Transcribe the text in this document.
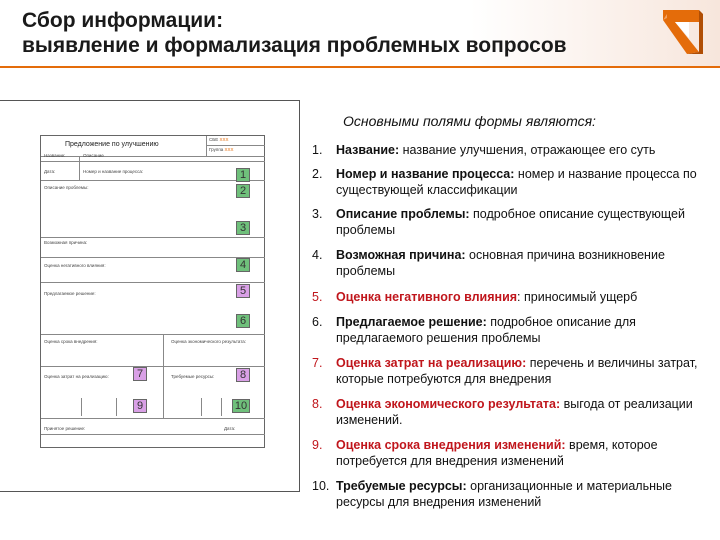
Сбор информации:
выявление и формализация проблемных вопросов
Предложение по улучшению
СБЕ XXX
Группа XXX
Название:	Описание
Дата:	Номер и название процесса:
Описание проблемы:
Возможная причина:
Оценка негативного влияния:
Предлагаемое решение:
Оценка срока внедрения:	Оценка экономического результата:
Оценка затрат на реализацию:	Требуемые ресурсы:
Принятое решение:	Дата:
1
2
3
4
5
6
7	8
9	10
Основными полями формы являются:
1. Название: название улучшения, отражающее его суть
2. Номер и название процесса: номер и название процесса по существующей классификации
3. Описание проблемы: подробное описание существующей проблемы
4. Возможная причина: основная причина возникновение проблемы
5. Оценка негативного влияния: приносимый ущерб
6. Предлагаемое решение: подробное описание для предлагаемого решения проблемы
7. Оценка затрат на реализацию: перечень и величины затрат, которые потребуются для внедрения
8. Оценка экономического результата: выгода от реализации изменений.
9. Оценка срока внедрения изменений: время, которое потребуется для внедрения изменений
10. Требуемые ресурсы: организационные и материальные ресурсы для внедрения изменений
